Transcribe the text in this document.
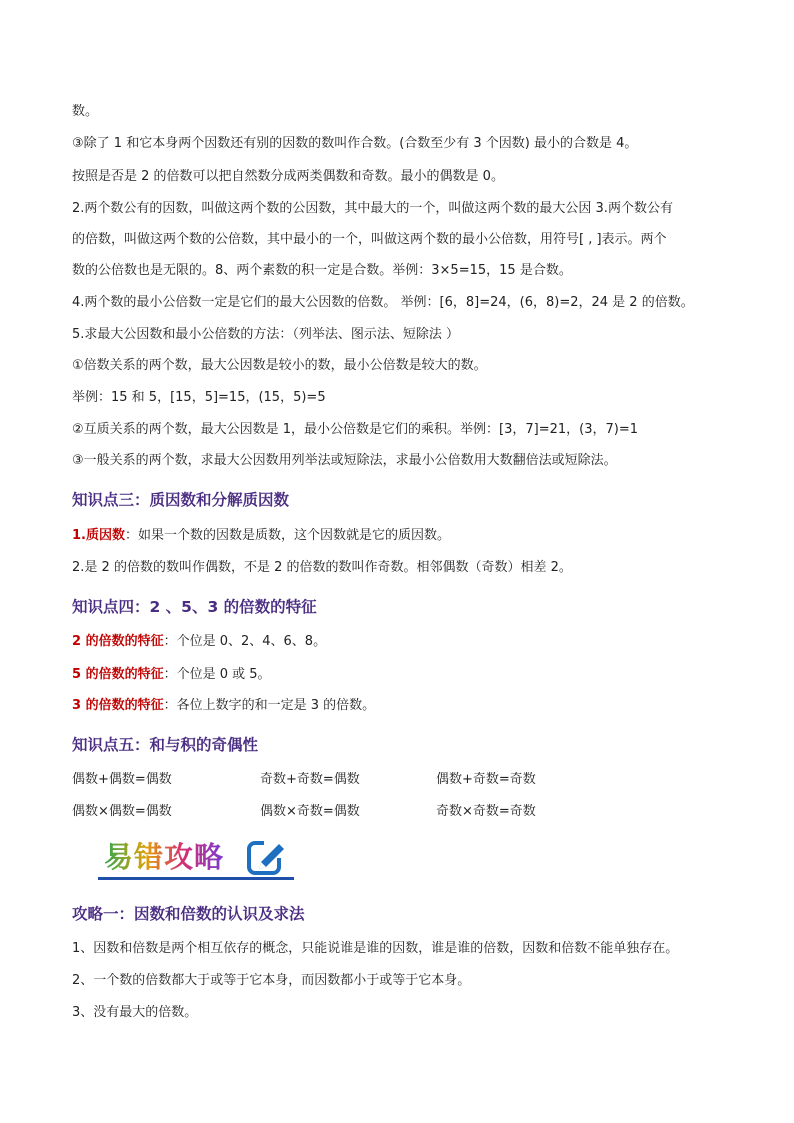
数。
③除了 1 和它本身两个因数还有别的因数的数叫作合数。(合数至少有 3 个因数) 最小的合数是 4。
按照是否是 2 的倍数可以把自然数分成两类偶数和奇数。最小的偶数是 0。
2.两个数公有的因数，叫做这两个数的公因数，其中最大的一个，叫做这两个数的最大公因 3.两个数公有
的倍数，叫做这两个数的公倍数，其中最小的一个，叫做这两个数的最小公倍数，用符号[ , ]表示。两个
数的公倍数也是无限的。8、两个素数的积一定是合数。举例：3×5=15，15 是合数。
4.两个数的最小公倍数一定是它们的最大公因数的倍数。 举例：[6，8]=24，(6，8)=2，24 是 2 的倍数。
5.求最大公因数和最小公倍数的方法：（列举法、图示法、短除法 ）
①倍数关系的两个数，最大公因数是较小的数，最小公倍数是较大的数。
举例：15 和 5，[15，5]=15，(15，5)=5
②互质关系的两个数，最大公因数是 1，最小公倍数是它们的乘积。举例：[3，7]=21，(3，7)=1
③一般关系的两个数，求最大公因数用列举法或短除法，求最小公倍数用大数翻倍法或短除法。
知识点三：质因数和分解质因数
1.质因数：如果一个数的因数是质数，这个因数就是它的质因数。
2.是 2 的倍数的数叫作偶数，不是 2 的倍数的数叫作奇数。相邻偶数（奇数）相差 2。
知识点四：2 、5、3 的倍数的特征
2 的倍数的特征：个位是 0、2、4、6、8。
5 的倍数的特征：个位是 0 或 5。
3 的倍数的特征：各位上数字的和一定是 3 的倍数。
知识点五：和与积的奇偶性
偶数+偶数=偶数	奇数+奇数=偶数	偶数+奇数=奇数
偶数×偶数=偶数	偶数×奇数=偶数	奇数×奇数=奇数
易错攻略
攻略一：因数和倍数的认识及求法
1、因数和倍数是两个相互依存的概念，只能说谁是谁的因数，谁是谁的倍数，因数和倍数不能单独存在。
2、一个数的倍数都大于或等于它本身，而因数都小于或等于它本身。
3、没有最大的倍数。
